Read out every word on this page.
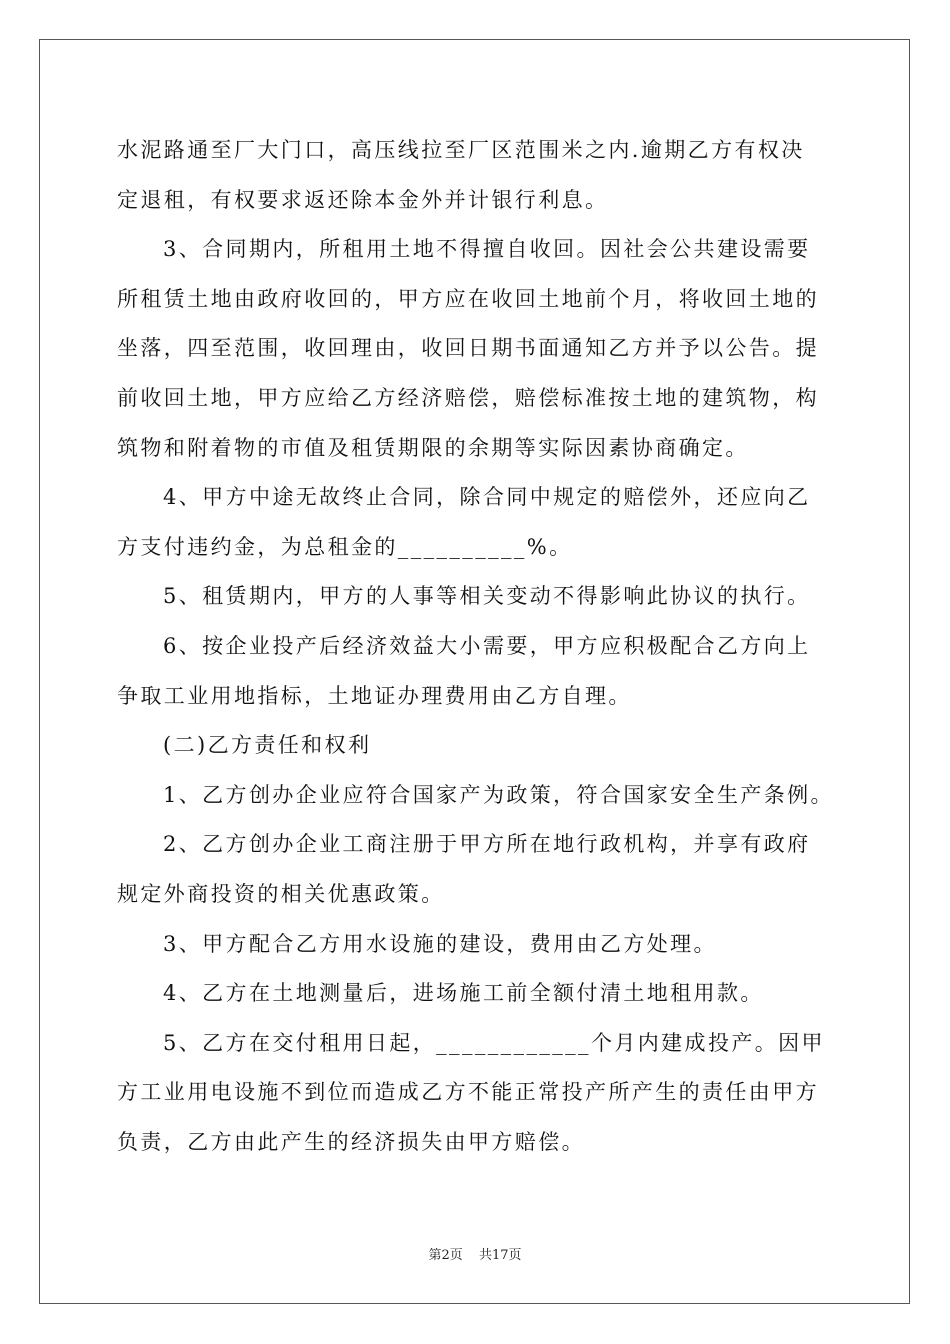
水泥路通至厂大门口，高压线拉至厂区范围米之内.逾期乙方有权决
定退租，有权要求返还除本金外并计银行利息。
3、合同期内，所租用土地不得擅自收回。因社会公共建设需要
所租赁土地由政府收回的，甲方应在收回土地前个月，将收回土地的
坐落，四至范围，收回理由，收回日期书面通知乙方并予以公告。提
前收回土地，甲方应给乙方经济赔偿，赔偿标准按土地的建筑物，构
筑物和附着物的市值及租赁期限的余期等实际因素协商确定。
4、甲方中途无故终止合同，除合同中规定的赔偿外，还应向乙
方支付违约金，为总租金的__________%。
5、租赁期内，甲方的人事等相关变动不得影响此协议的执行。
6、按企业投产后经济效益大小需要，甲方应积极配合乙方向上
争取工业用地指标，土地证办理费用由乙方自理。
(二)乙方责任和权利
1、乙方创办企业应符合国家产为政策，符合国家安全生产条例。
2、乙方创办企业工商注册于甲方所在地行政机构，并享有政府
规定外商投资的相关优惠政策。
3、甲方配合乙方用水设施的建设，费用由乙方处理。
4、乙方在土地测量后，进场施工前全额付清土地租用款。
5、乙方在交付租用日起，____________个月内建成投产。因甲
方工业用电设施不到位而造成乙方不能正常投产所产生的责任由甲方
负责，乙方由此产生的经济损失由甲方赔偿。
第2页 共17页
